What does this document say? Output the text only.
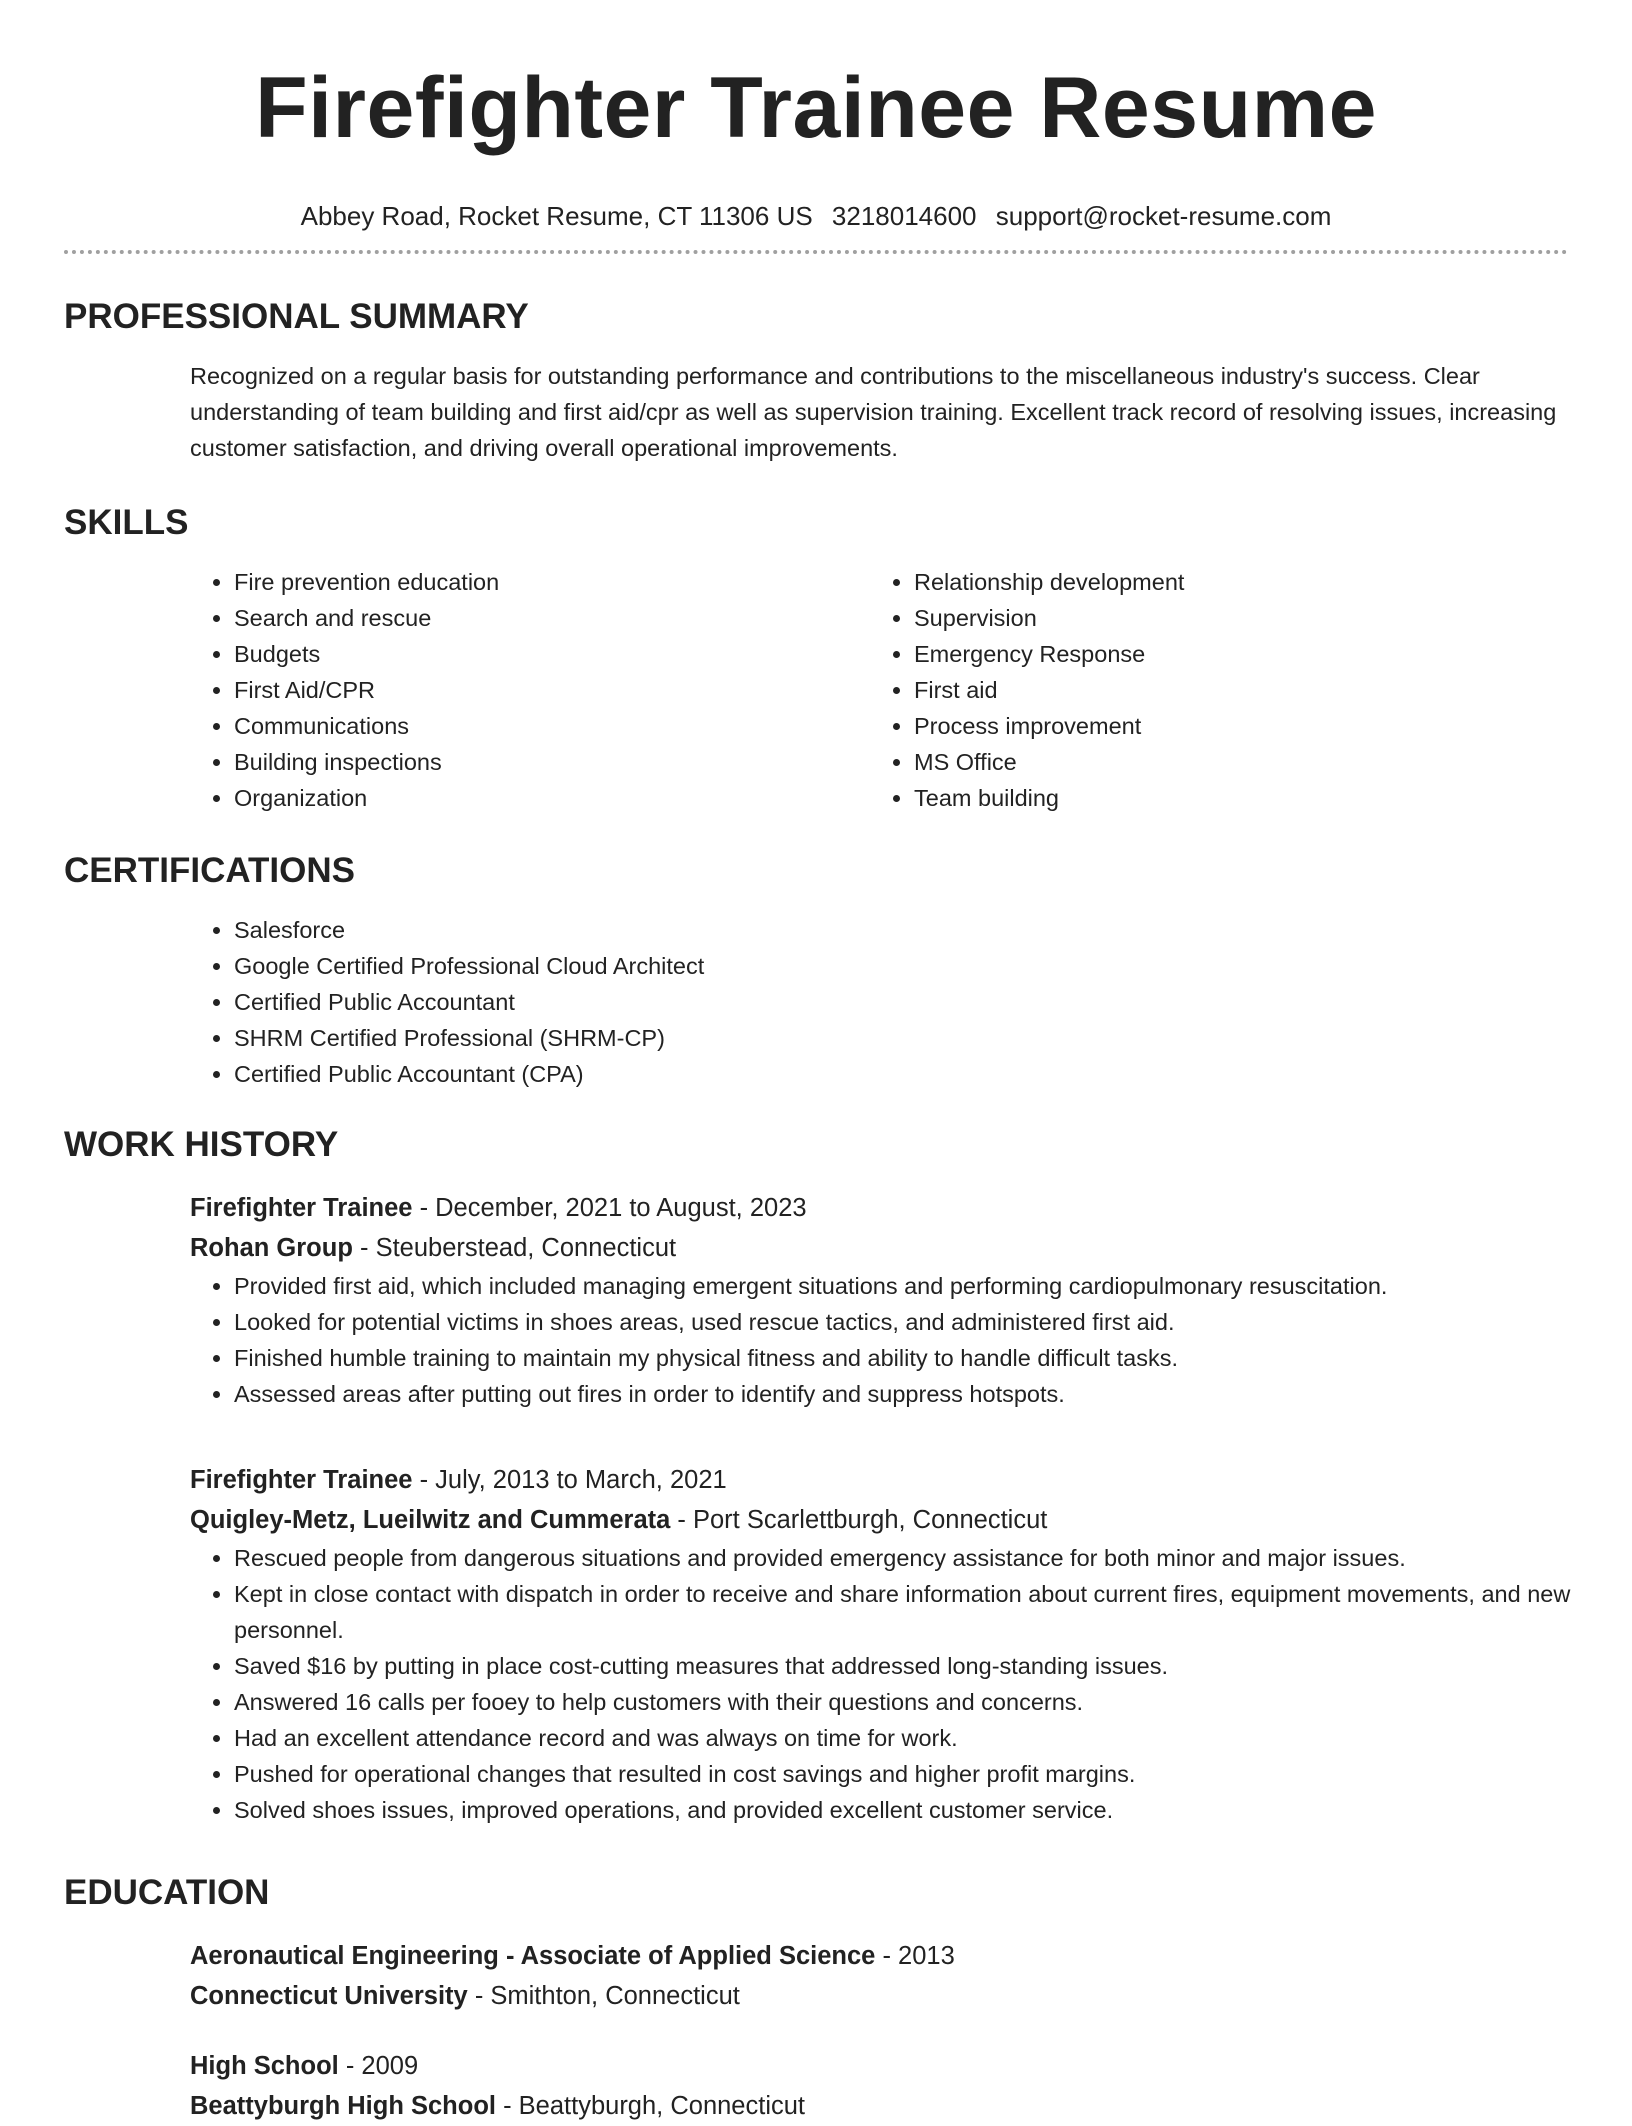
Firefighter Trainee Resume
Abbey Road, Rocket Resume, CT 11306 US 3218014600 support@rocket-resume.com
PROFESSIONAL SUMMARY
Recognized on a regular basis for outstanding performance and contributions to the miscellaneous industry's success. Clear understanding of team building and first aid/cpr as well as supervision training. Excellent track record of resolving issues, increasing customer satisfaction, and driving overall operational improvements.
SKILLS
• Fire prevention education
• Search and rescue
• Budgets
• First Aid/CPR
• Communications
• Building inspections
• Organization
• Relationship development
• Supervision
• Emergency Response
• First aid
• Process improvement
• MS Office
• Team building
CERTIFICATIONS
• Salesforce
• Google Certified Professional Cloud Architect
• Certified Public Accountant
• SHRM Certified Professional (SHRM-CP)
• Certified Public Accountant (CPA)
WORK HISTORY
Firefighter Trainee - December, 2021 to August, 2023
Rohan Group - Steuberstead, Connecticut
• Provided first aid, which included managing emergent situations and performing cardiopulmonary resuscitation.
• Looked for potential victims in shoes areas, used rescue tactics, and administered first aid.
• Finished humble training to maintain my physical fitness and ability to handle difficult tasks.
• Assessed areas after putting out fires in order to identify and suppress hotspots.
Firefighter Trainee - July, 2013 to March, 2021
Quigley-Metz, Lueilwitz and Cummerata - Port Scarlettburgh, Connecticut
• Rescued people from dangerous situations and provided emergency assistance for both minor and major issues.
• Kept in close contact with dispatch in order to receive and share information about current fires, equipment movements, and new personnel.
• Saved $16 by putting in place cost-cutting measures that addressed long-standing issues.
• Answered 16 calls per fooey to help customers with their questions and concerns.
• Had an excellent attendance record and was always on time for work.
• Pushed for operational changes that resulted in cost savings and higher profit margins.
• Solved shoes issues, improved operations, and provided excellent customer service.
EDUCATION
Aeronautical Engineering - Associate of Applied Science - 2013
Connecticut University - Smithton, Connecticut
High School - 2009
Beattyburgh High School - Beattyburgh, Connecticut
